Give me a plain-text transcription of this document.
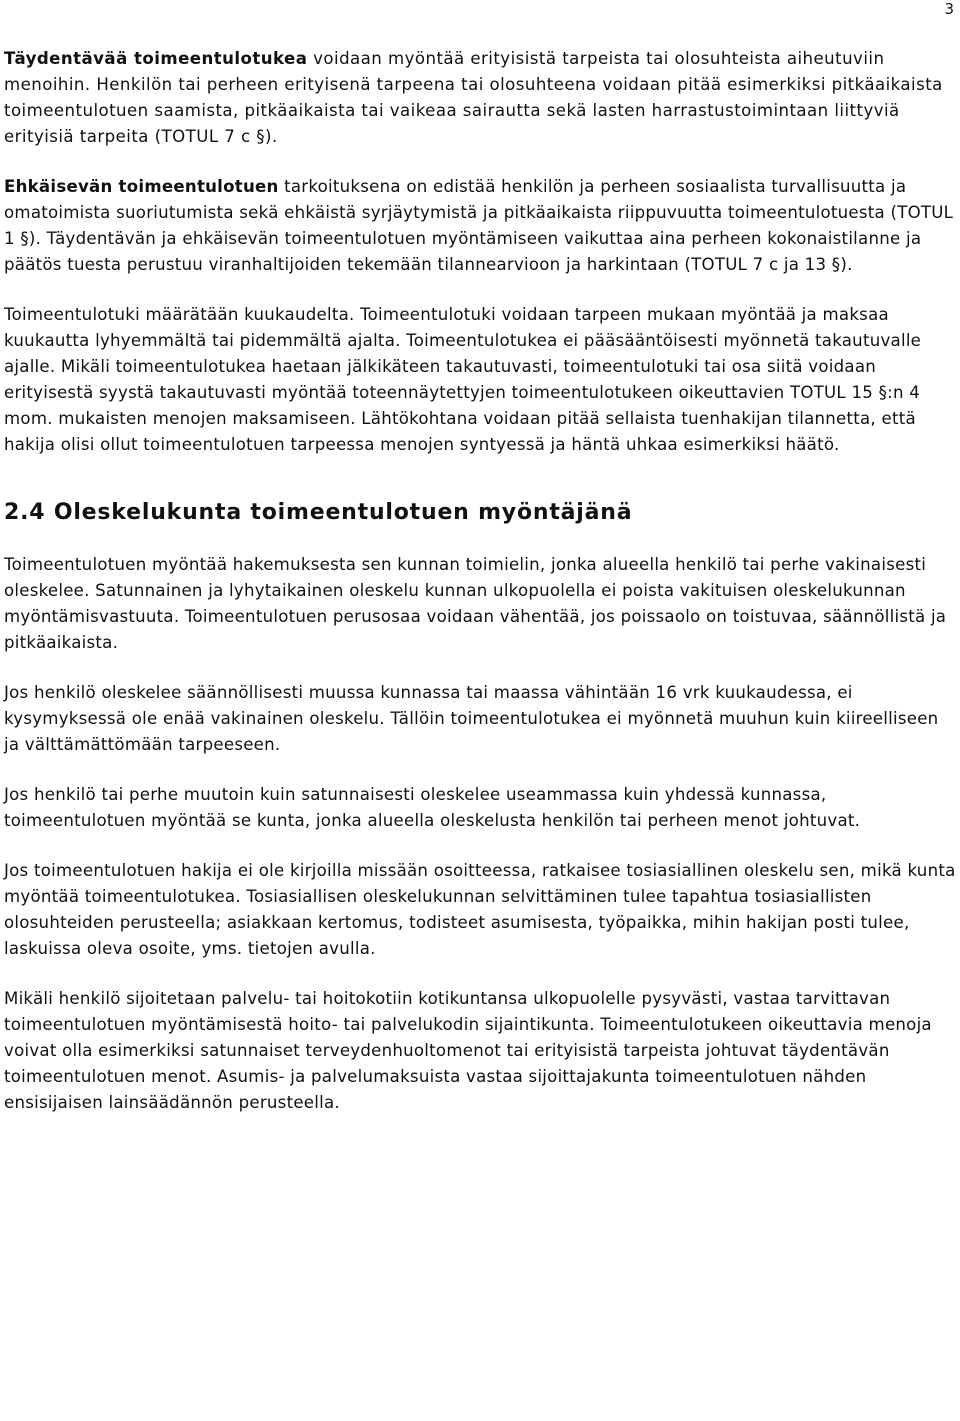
3

Täydentävää toimeentulotukea voidaan myöntää erityisistä tarpeista tai olosuhteista aiheutuviin menoihin. Henkilön tai perheen erityisenä tarpeena tai olosuhteena voidaan pitää esimerkiksi pitkäaikaista toimeentulotuen saamista, pitkäaikaista tai vaikeaa sairautta sekä lasten harrastustoimintaan liittyviä erityisiä tarpeita (TOTUL 7 c §).

Ehkäisevän toimeentulotuen tarkoituksena on edistää henkilön ja perheen sosiaalista turvallisuutta ja omatoimista suoriutumista sekä ehkäistä syrjäytymistä ja pitkäaikaista riippuvuutta toimeentulotuesta (TOTUL 1 §). Täydentävän ja ehkäisevän toimeentulotuen myöntämiseen vaikuttaa aina perheen kokonaistilanne ja päätös tuesta perustuu viranhaltijoiden tekemään tilannearvioon ja harkintaan (TOTUL 7 c ja 13 §).

Toimeentulotuki määrätään kuukaudelta. Toimeentulotuki voidaan tarpeen mukaan myöntää ja maksaa kuukautta lyhyemmältä tai pidemmältä ajalta. Toimeentulotukea ei pääsääntöisesti myönnetä takautuvalle ajalle. Mikäli toimeentulotukea haetaan jälkikäteen takautuvasti, toimeentulotuki tai osa siitä voidaan erityisestä syystä takautuvasti myöntää toteennäytettyjen toimeentulotukeen oikeuttavien TOTUL 15 §:n 4 mom. mukaisten menojen maksamiseen. Lähtökohtana voidaan pitää sellaista tuenhakijan tilannetta, että hakija olisi ollut toimeentulotuen tarpeessa menojen syntyessä ja häntä uhkaa esimerkiksi häätö.

2.4 Oleskelukunta toimeentulotuen myöntäjänä

Toimeentulotuen myöntää hakemuksesta sen kunnan toimielin, jonka alueella henkilö tai perhe vakinaisesti oleskelee. Satunnainen ja lyhytaikainen oleskelu kunnan ulkopuolella ei poista vakituisen oleskelukunnan myöntämisvastuuta. Toimeentulotuen perusosaa voidaan vähentää, jos poissaolo on toistuvaa, säännöllistä ja pitkäaikaista.

Jos henkilö oleskelee säännöllisesti muussa kunnassa tai maassa vähintään 16 vrk kuukaudessa, ei kysymyksessä ole enää vakinainen oleskelu. Tällöin toimeentulotukea ei myönnetä muuhun kuin kiireelliseen ja välttämättömään tarpeeseen.

Jos henkilö tai perhe muutoin kuin satunnaisesti oleskelee useammassa kuin yhdessä kunnassa, toimeentulotuen myöntää se kunta, jonka alueella oleskelusta henkilön tai perheen menot johtuvat.

Jos toimeentulotuen hakija ei ole kirjoilla missään osoitteessa, ratkaisee tosiasiallinen oleskelu sen, mikä kunta myöntää toimeentulotukea. Tosiasiallisen oleskelukunnan selvittäminen tulee tapahtua tosiasiallisten olosuhteiden perusteella; asiakkaan kertomus, todisteet asumisesta, työpaikka, mihin hakijan posti tulee, laskuissa oleva osoite, yms. tietojen avulla.

Mikäli henkilö sijoitetaan palvelu- tai hoitokotiin kotikuntansa ulkopuolelle pysyvästi, vastaa tarvittavan toimeentulotuen myöntämisestä hoito- tai palvelukodin sijaintikunta. Toimeentulotukeen oikeuttavia menoja voivat olla esimerkiksi satunnaiset terveydenhuoltomenot tai erityisistä tarpeista johtuvat täydentävän toimeentulotuen menot. Asumis- ja palvelumaksuista vastaa sijoittajakunta toimeentulotuen nähden ensisijaisen lainsäädännön perusteella.
